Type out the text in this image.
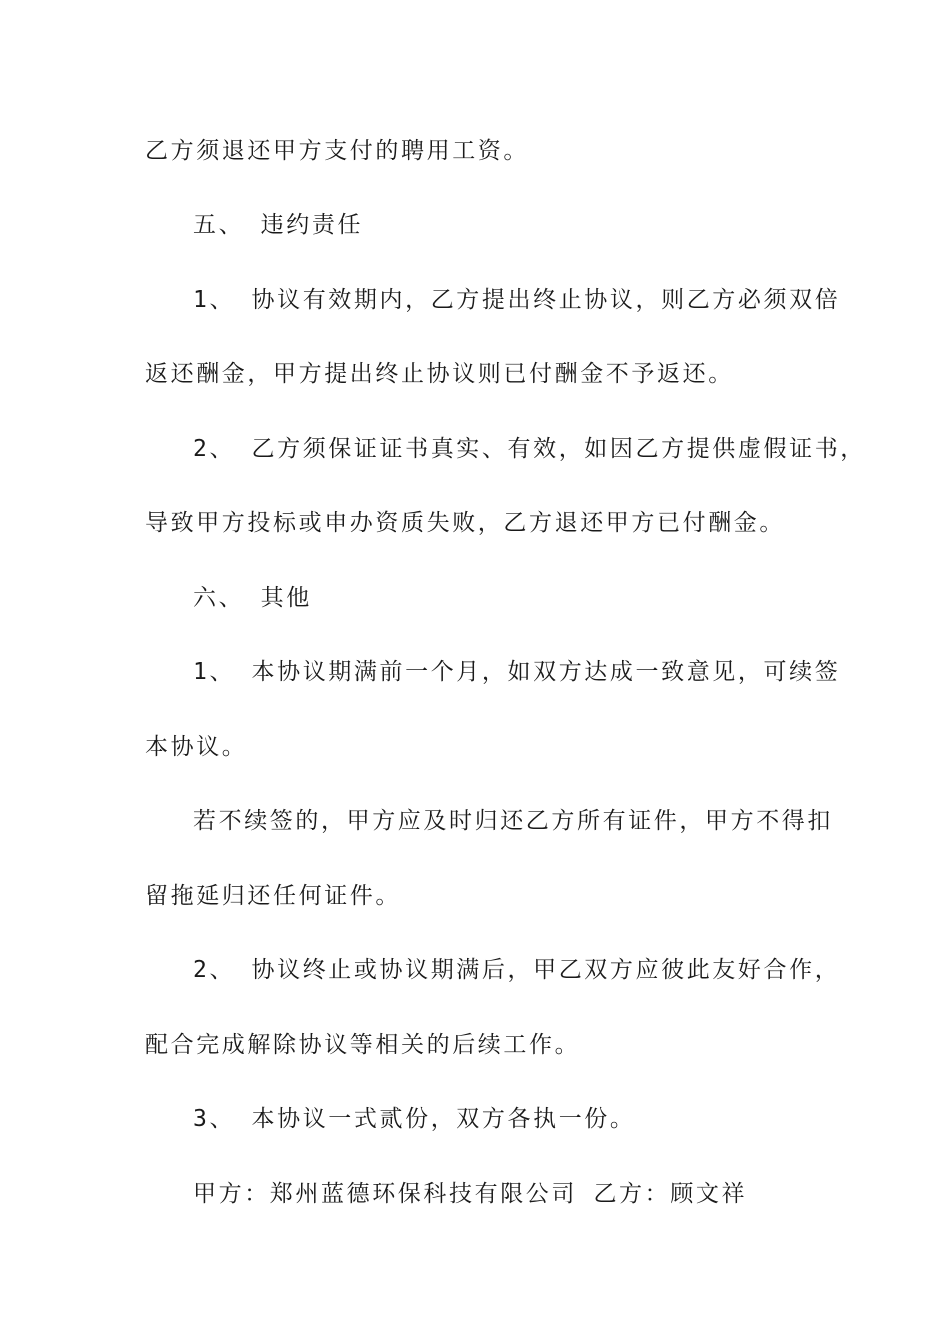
乙方须退还甲方支付的聘用工资。
五、 违约责任
1、 协议有效期内，乙方提出终止协议，则乙方必须双倍
返还酬金，甲方提出终止协议则已付酬金不予返还。
2、 乙方须保证证书真实、有效，如因乙方提供虚假证书，
导致甲方投标或申办资质失败，乙方退还甲方已付酬金。
六、 其他
1、 本协议期满前一个月，如双方达成一致意见，可续签
本协议。
若不续签的，甲方应及时归还乙方所有证件，甲方不得扣
留拖延归还任何证件。
2、 协议终止或协议期满后，甲乙双方应彼此友好合作，
配合完成解除协议等相关的后续工作。
3、 本协议一式贰份，双方各执一份。
甲方：郑州蓝德环保科技有限公司 乙方：顾文祥
